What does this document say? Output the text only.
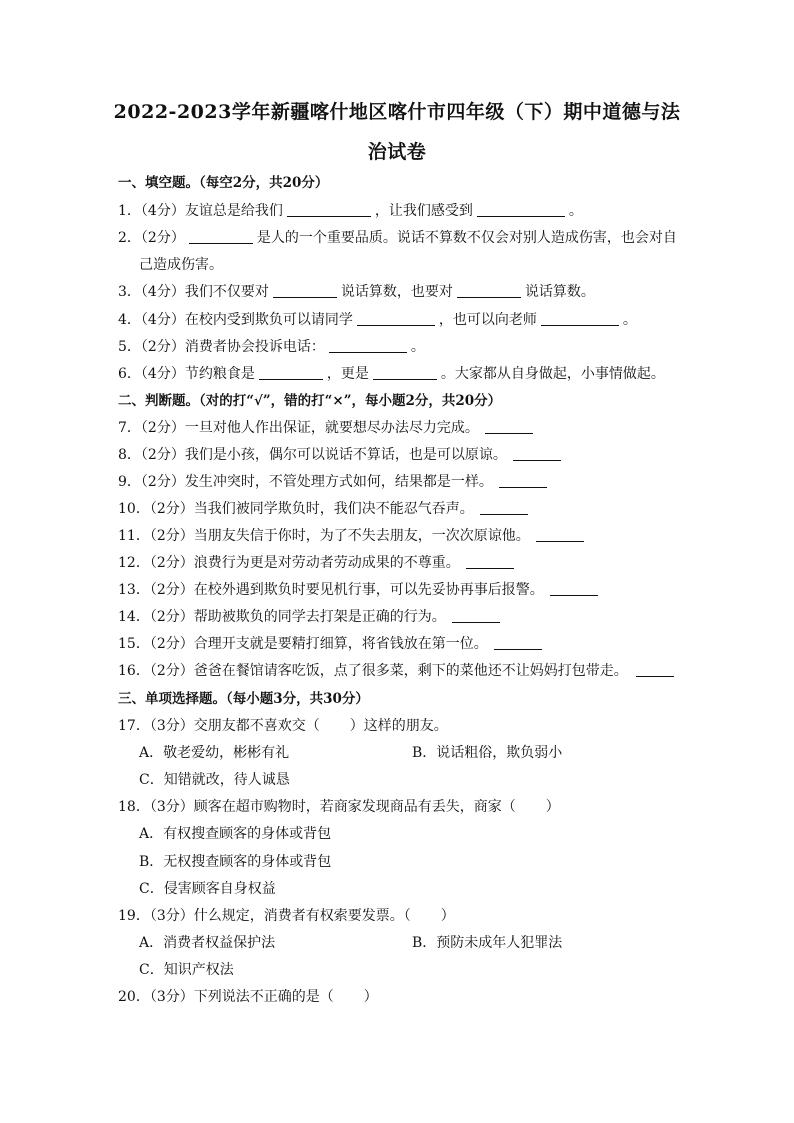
2022-2023学年新疆喀什地区喀什市四年级（下）期中道德与法
治试卷
一、填空题。（每空2分，共20分）
1．（4分）友谊总是给我们	，让我们感受到	。
2．（2分）	是人的一个重要品质。说话不算数不仅会对别人造成伤害，也会对自
己造成伤害。
3．（4分）我们不仅要对	说话算数，也要对	说话算数。
4．（4分）在校内受到欺负可以请同学	，也可以向老师	。
5．（2分）消费者协会投诉电话：	。
6．（4分）节约粮食是	，更是	。大家都从自身做起，小事情做起。
二、判断题。（对的打“√”，错的打“×”，每小题2分，共20分）
7．（2分）一旦对他人作出保证，就要想尽办法尽力完成。
8．（2分）我们是小孩，偶尔可以说话不算话，也是可以原谅。
9．（2分）发生冲突时，不管处理方式如何，结果都是一样。
10．（2分）当我们被同学欺负时，我们决不能忍气吞声。
11．（2分）当朋友失信于你时，为了不失去朋友，一次次原谅他。
12．（2分）浪费行为更是对劳动者劳动成果的不尊重。
13．（2分）在校外遇到欺负时要见机行事，可以先妥协再事后报警。
14．（2分）帮助被欺负的同学去打架是正确的行为。
15．（2分）合理开支就是要精打细算，将省钱放在第一位。
16．（2分）爸爸在餐馆请客吃饭，点了很多菜，剩下的菜他还不让妈妈打包带走。
三、单项选择题。（每小题3分，共30分）
17．（3分）交朋友都不喜欢交（ ）这样的朋友。
A．敬老爱幼，彬彬有礼	B．说话粗俗，欺负弱小
C．知错就改，待人诚恳
18．（3分）顾客在超市购物时，若商家发现商品有丢失，商家（ ）
A．有权搜查顾客的身体或背包
B．无权搜查顾客的身体或背包
C．侵害顾客自身权益
19．（3分）什么规定，消费者有权索要发票。（ ）
A．消费者权益保护法	B．预防未成年人犯罪法
C．知识产权法
20．（3分）下列说法不正确的是（ ）
